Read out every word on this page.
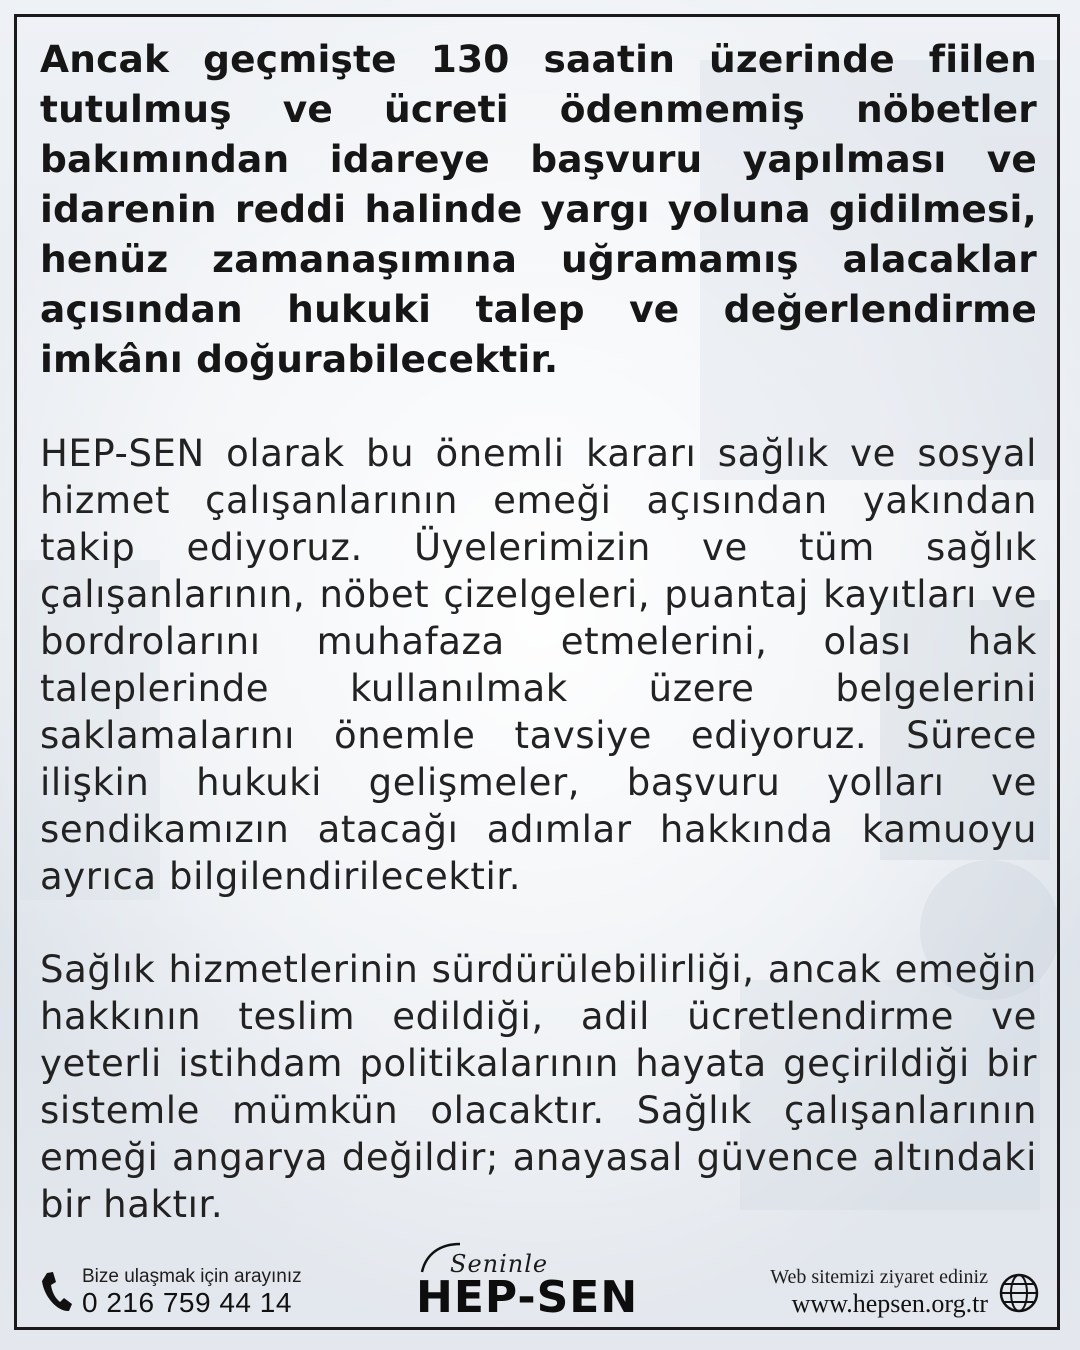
Ancak geçmişte 130 saatin üzerinde fiilen tutulmuş ve ücreti ödenmemiş nöbetler bakımından idareye başvuru yapılması ve idarenin reddi halinde yargı yoluna gidilmesi, henüz zamanaşımına uğramamış alacaklar açısından hukuki talep ve değerlendirme imkânı doğurabilecektir.

HEP-SEN olarak bu önemli kararı sağlık ve sosyal hizmet çalışanlarının emeği açısından yakından takip ediyoruz. Üyelerimizin ve tüm sağlık çalışanlarının, nöbet çizelgeleri, puantaj kayıtları ve bordrolarını muhafaza etmelerini, olası hak taleplerinde kullanılmak üzere belgelerini saklamalarını önemle tavsiye ediyoruz. Sürece ilişkin hukuki gelişmeler, başvuru yolları ve sendikamızın atacağı adımlar hakkında kamuoyu ayrıca bilgilendirilecektir.

Sağlık hizmetlerinin sürdürülebilirliği, ancak emeğin hakkının teslim edildiği, adil ücretlendirme ve yeterli istihdam politikalarının hayata geçirildiği bir sistemle mümkün olacaktır. Sağlık çalışanlarının emeği angarya değildir; anayasal güvence altındaki bir haktır.

Bize ulaşmak için arayınız
0 216 759 44 14
Seninle
HEP-SEN	Web sitemizi ziyaret ediniz
www.hepsen.org.tr
